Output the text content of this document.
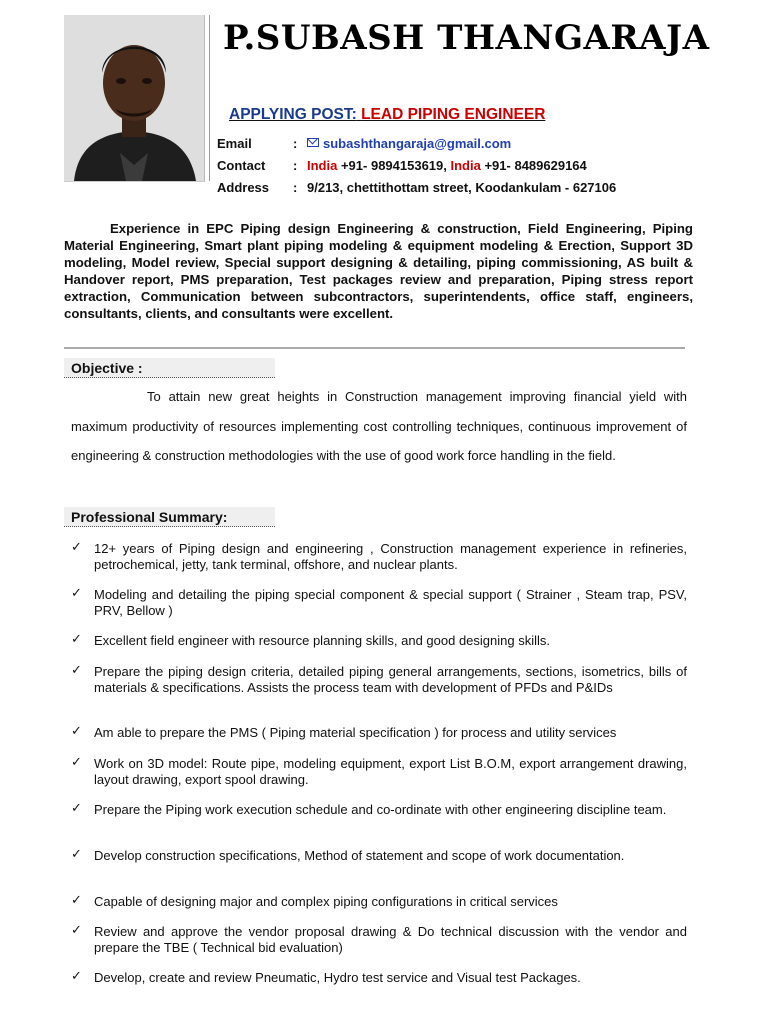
P.SUBASH THANGARAJA
APPLYING POST: LEAD PIPING ENGINEER
Email	: subashthangaraja@gmail.com
Contact : India +91- 9894153619, India +91- 8489629164
Address : 9/213, chettithottam street, Koodankulam - 627106
Experience in EPC Piping design Engineering & construction, Field Engineering, Piping Material Engineering, Smart plant piping modeling & equipment modeling & Erection, Support 3D modeling, Model review, Special support designing & detailing, piping commissioning, AS built & Handover report, PMS preparation, Test packages review and preparation, Piping stress report extraction, Communication between subcontractors, superintendents, office staff, engineers, consultants, clients, and consultants were excellent.
Objective :
To attain new great heights in Construction management improving financial yield with maximum productivity of resources implementing cost controlling techniques, continuous improvement of engineering & construction methodologies with the use of good work force handling in the field.
Professional Summary:
✓ 12+ years of Piping design and engineering , Construction management experience in refineries, petrochemical, jetty, tank terminal, offshore, and nuclear plants.
✓ Modeling and detailing the piping special component & special support ( Strainer , Steam trap, PSV, PRV, Bellow )
✓ Excellent field engineer with resource planning skills, and good designing skills.
✓ Prepare the piping design criteria, detailed piping general arrangements, sections, isometrics, bills of materials & specifications. Assists the process team with development of PFDs and P&IDs
✓ Am able to prepare the PMS ( Piping material specification ) for process and utility services
✓ Work on 3D model: Route pipe, modeling equipment, export List B.O.M, export arrangement drawing, layout drawing, export spool drawing.
✓ Prepare the Piping work execution schedule and co-ordinate with other engineering discipline team.
✓ Develop construction specifications, Method of statement and scope of work documentation.
✓ Capable of designing major and complex piping configurations in critical services
✓ Review and approve the vendor proposal drawing & Do technical discussion with the vendor and prepare the TBE ( Technical bid evaluation)
✓ Develop, create and review Pneumatic, Hydro test service and Visual test Packages.
